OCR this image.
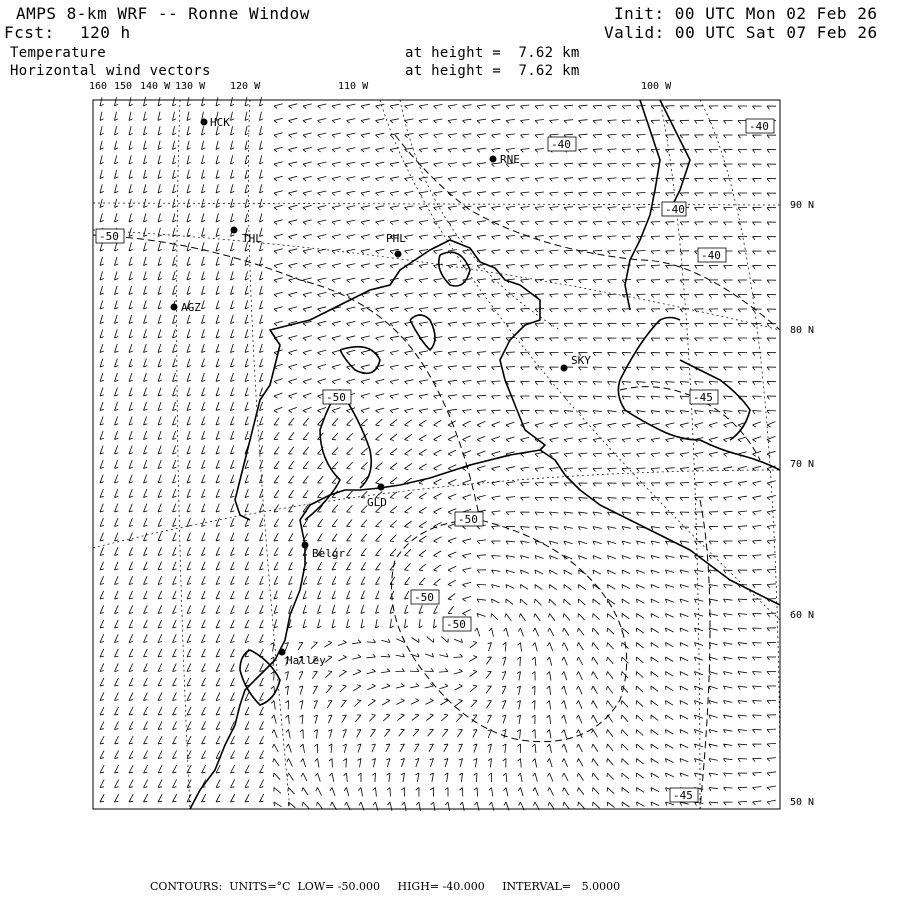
AMPS 8-km WRF -- Ronne Window
Fcst: 120 h
Init: 00 UTC Mon 02 Feb 26
Valid: 00 UTC Sat 07 Feb 26
Temperature
Horizontal wind vectors
at height =  7.62 km
at height =  7.62 km
-40
-40
-40
-40
-50
-50
-50
-50
-50
-45
-45
HCK
RNE
THL	PHL
AGZ
SKY
GLD
Belgr
Halley
160 150 140 W 130 W 120 W	110 W	100 W
90 N
80 N
70 N
60 N
50 N
CONTOURS:  UNITS=°C  LOW= -50.000     HIGH= -40.000     INTERVAL=   5.0000
